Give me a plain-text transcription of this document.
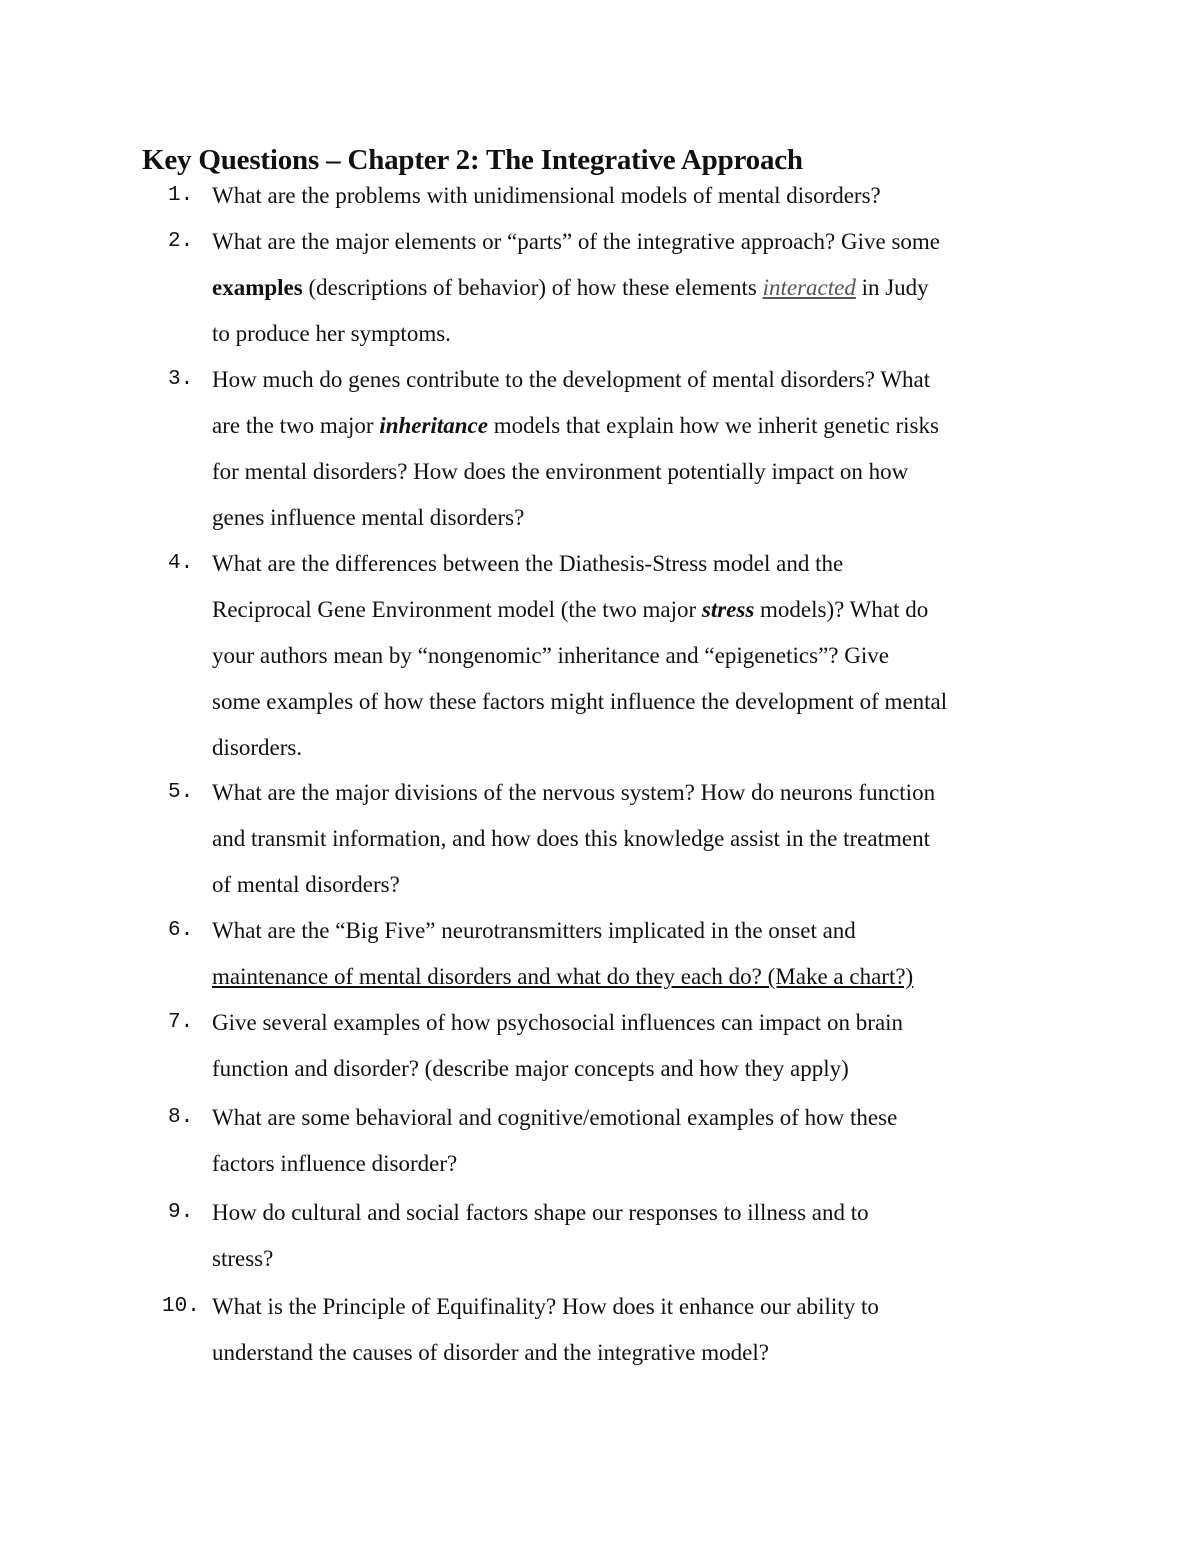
Key Questions – Chapter 2: The Integrative Approach
1. What are the problems with unidimensional models of mental disorders?
2. What are the major elements or “parts” of the integrative approach? Give some
examples (descriptions of behavior) of how these elements interacted in Judy
to produce her symptoms.
3. How much do genes contribute to the development of mental disorders? What
are the two major inheritance models that explain how we inherit genetic risks
for mental disorders? How does the environment potentially impact on how
genes influence mental disorders?
4. What are the differences between the Diathesis-Stress model and the
Reciprocal Gene Environment model (the two major stress models)? What do
your authors mean by “nongenomic” inheritance and “epigenetics”? Give
some examples of how these factors might influence the development of mental
disorders.
5. What are the major divisions of the nervous system? How do neurons function
and transmit information, and how does this knowledge assist in the treatment
of mental disorders?
6. What are the “Big Five” neurotransmitters implicated in the onset and
maintenance of mental disorders and what do they each do? (Make a chart?)
7. Give several examples of how psychosocial influences can impact on brain
function and disorder? (describe major concepts and how they apply)
8. What are some behavioral and cognitive/emotional examples of how these
factors influence disorder?
9. How do cultural and social factors shape our responses to illness and to
stress?
10. What is the Principle of Equifinality? How does it enhance our ability to
understand the causes of disorder and the integrative model?
